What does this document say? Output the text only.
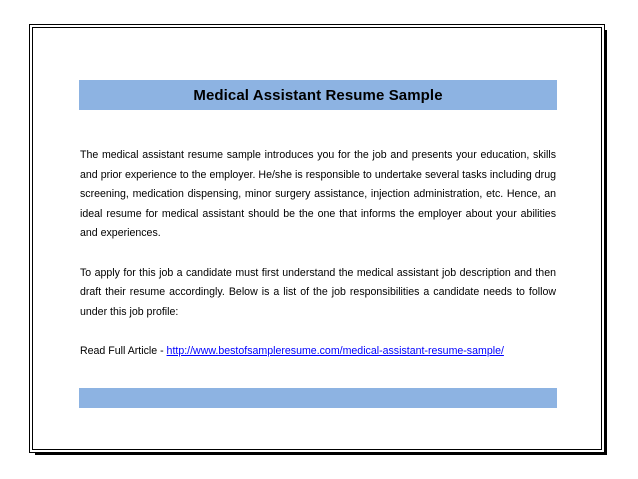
Medical Assistant Resume Sample

The medical assistant resume sample introduces you for the job and presents your education, skills and prior experience to the employer. He/she is responsible to undertake several tasks including drug screening, medication dispensing, minor surgery assistance, injection administration, etc. Hence, an ideal resume for medical assistant should be the one that informs the employer about your abilities and experiences.

To apply for this job a candidate must first understand the medical assistant job description and then draft their resume accordingly. Below is a list of the job responsibilities a candidate needs to follow under this job profile:

Read Full Article - http://www.bestofsampleresume.com/medical-assistant-resume-sample/
